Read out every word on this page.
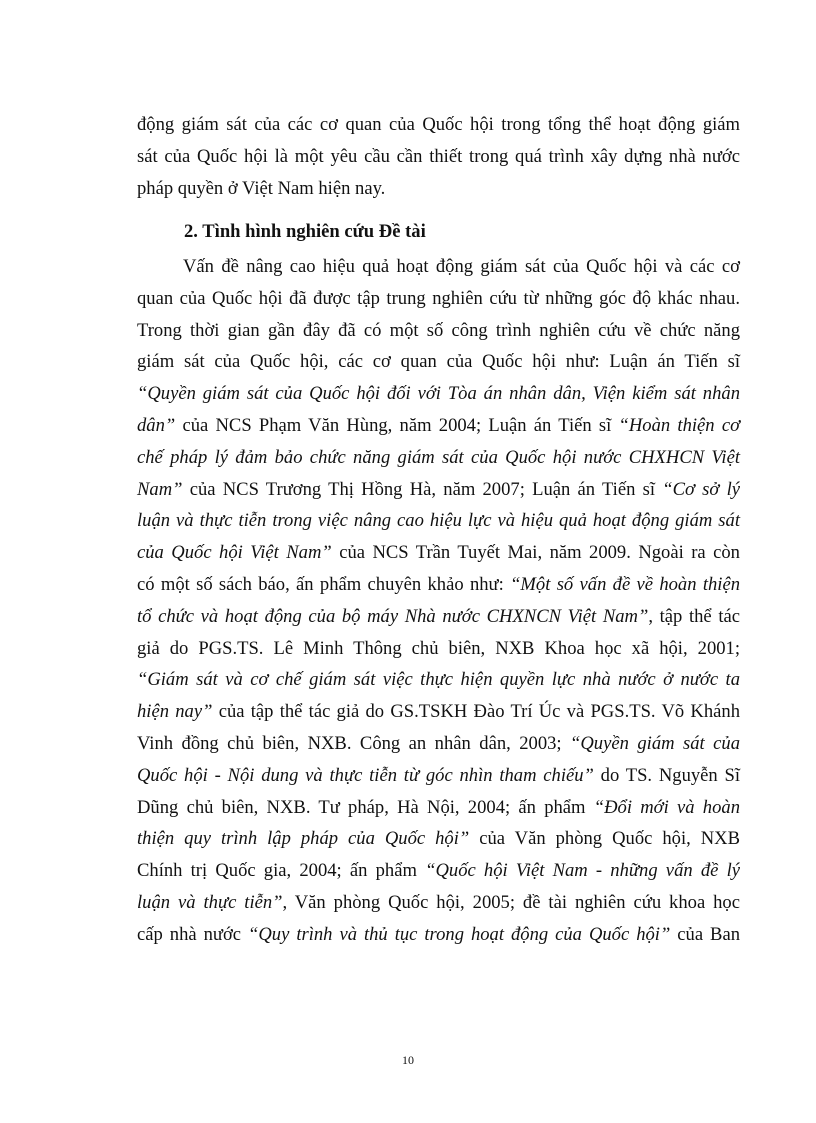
động giám sát của các cơ quan của Quốc hội trong tổng thể hoạt động giám
sát của Quốc hội là một yêu cầu cần thiết trong quá trình xây dựng nhà nước
pháp quyền ở Việt Nam hiện nay.
2. Tình hình nghiên cứu Đề tài
Vấn đề nâng cao hiệu quả hoạt động giám sát của Quốc hội và các cơ
quan của Quốc hội đã được tập trung nghiên cứu từ những góc độ khác nhau.
Trong thời gian gần đây đã có một số công trình nghiên cứu về chức năng
giám sát của Quốc hội, các cơ quan của Quốc hội như: Luận án Tiến sĩ
“Quyền giám sát của Quốc hội đối với Tòa án nhân dân, Viện kiểm sát nhân
dân” của NCS Phạm Văn Hùng, năm 2004; Luận án Tiến sĩ “Hoàn thiện cơ
chế pháp lý đảm bảo chức năng giám sát của Quốc hội nước CHXHCN Việt
Nam” của NCS Trương Thị Hồng Hà, năm 2007; Luận án Tiến sĩ “Cơ sở lý
luận và thực tiễn trong việc nâng cao hiệu lực và hiệu quả hoạt động giám sát
của Quốc hội Việt Nam” của NCS Trần Tuyết Mai, năm 2009. Ngoài ra còn
có một số sách báo, ấn phẩm chuyên khảo như: “Một số vấn đề về hoàn thiện
tổ chức và hoạt động của bộ máy Nhà nước CHXNCN Việt Nam”, tập thể tác
giả do PGS.TS. Lê Minh Thông chủ biên, NXB Khoa học xã hội, 2001;
“Giám sát và cơ chế giám sát việc thực hiện quyền lực nhà nước ở nước ta
hiện nay” của tập thể tác giả do GS.TSKH Đào Trí Úc và PGS.TS. Võ Khánh
Vinh đồng chủ biên, NXB. Công an nhân dân, 2003; “Quyền giám sát của
Quốc hội - Nội dung và thực tiễn từ góc nhìn tham chiếu” do TS. Nguyễn Sĩ
Dũng chủ biên, NXB. Tư pháp, Hà Nội, 2004; ấn phẩm “Đổi mới và hoàn
thiện quy trình lập pháp của Quốc hội” của Văn phòng Quốc hội, NXB
Chính trị Quốc gia, 2004; ấn phẩm “Quốc hội Việt Nam - những vấn đề lý
luận và thực tiễn”, Văn phòng Quốc hội, 2005; đề tài nghiên cứu khoa học
cấp nhà nước “Quy trình và thủ tục trong hoạt động của Quốc hội” của Ban
10
